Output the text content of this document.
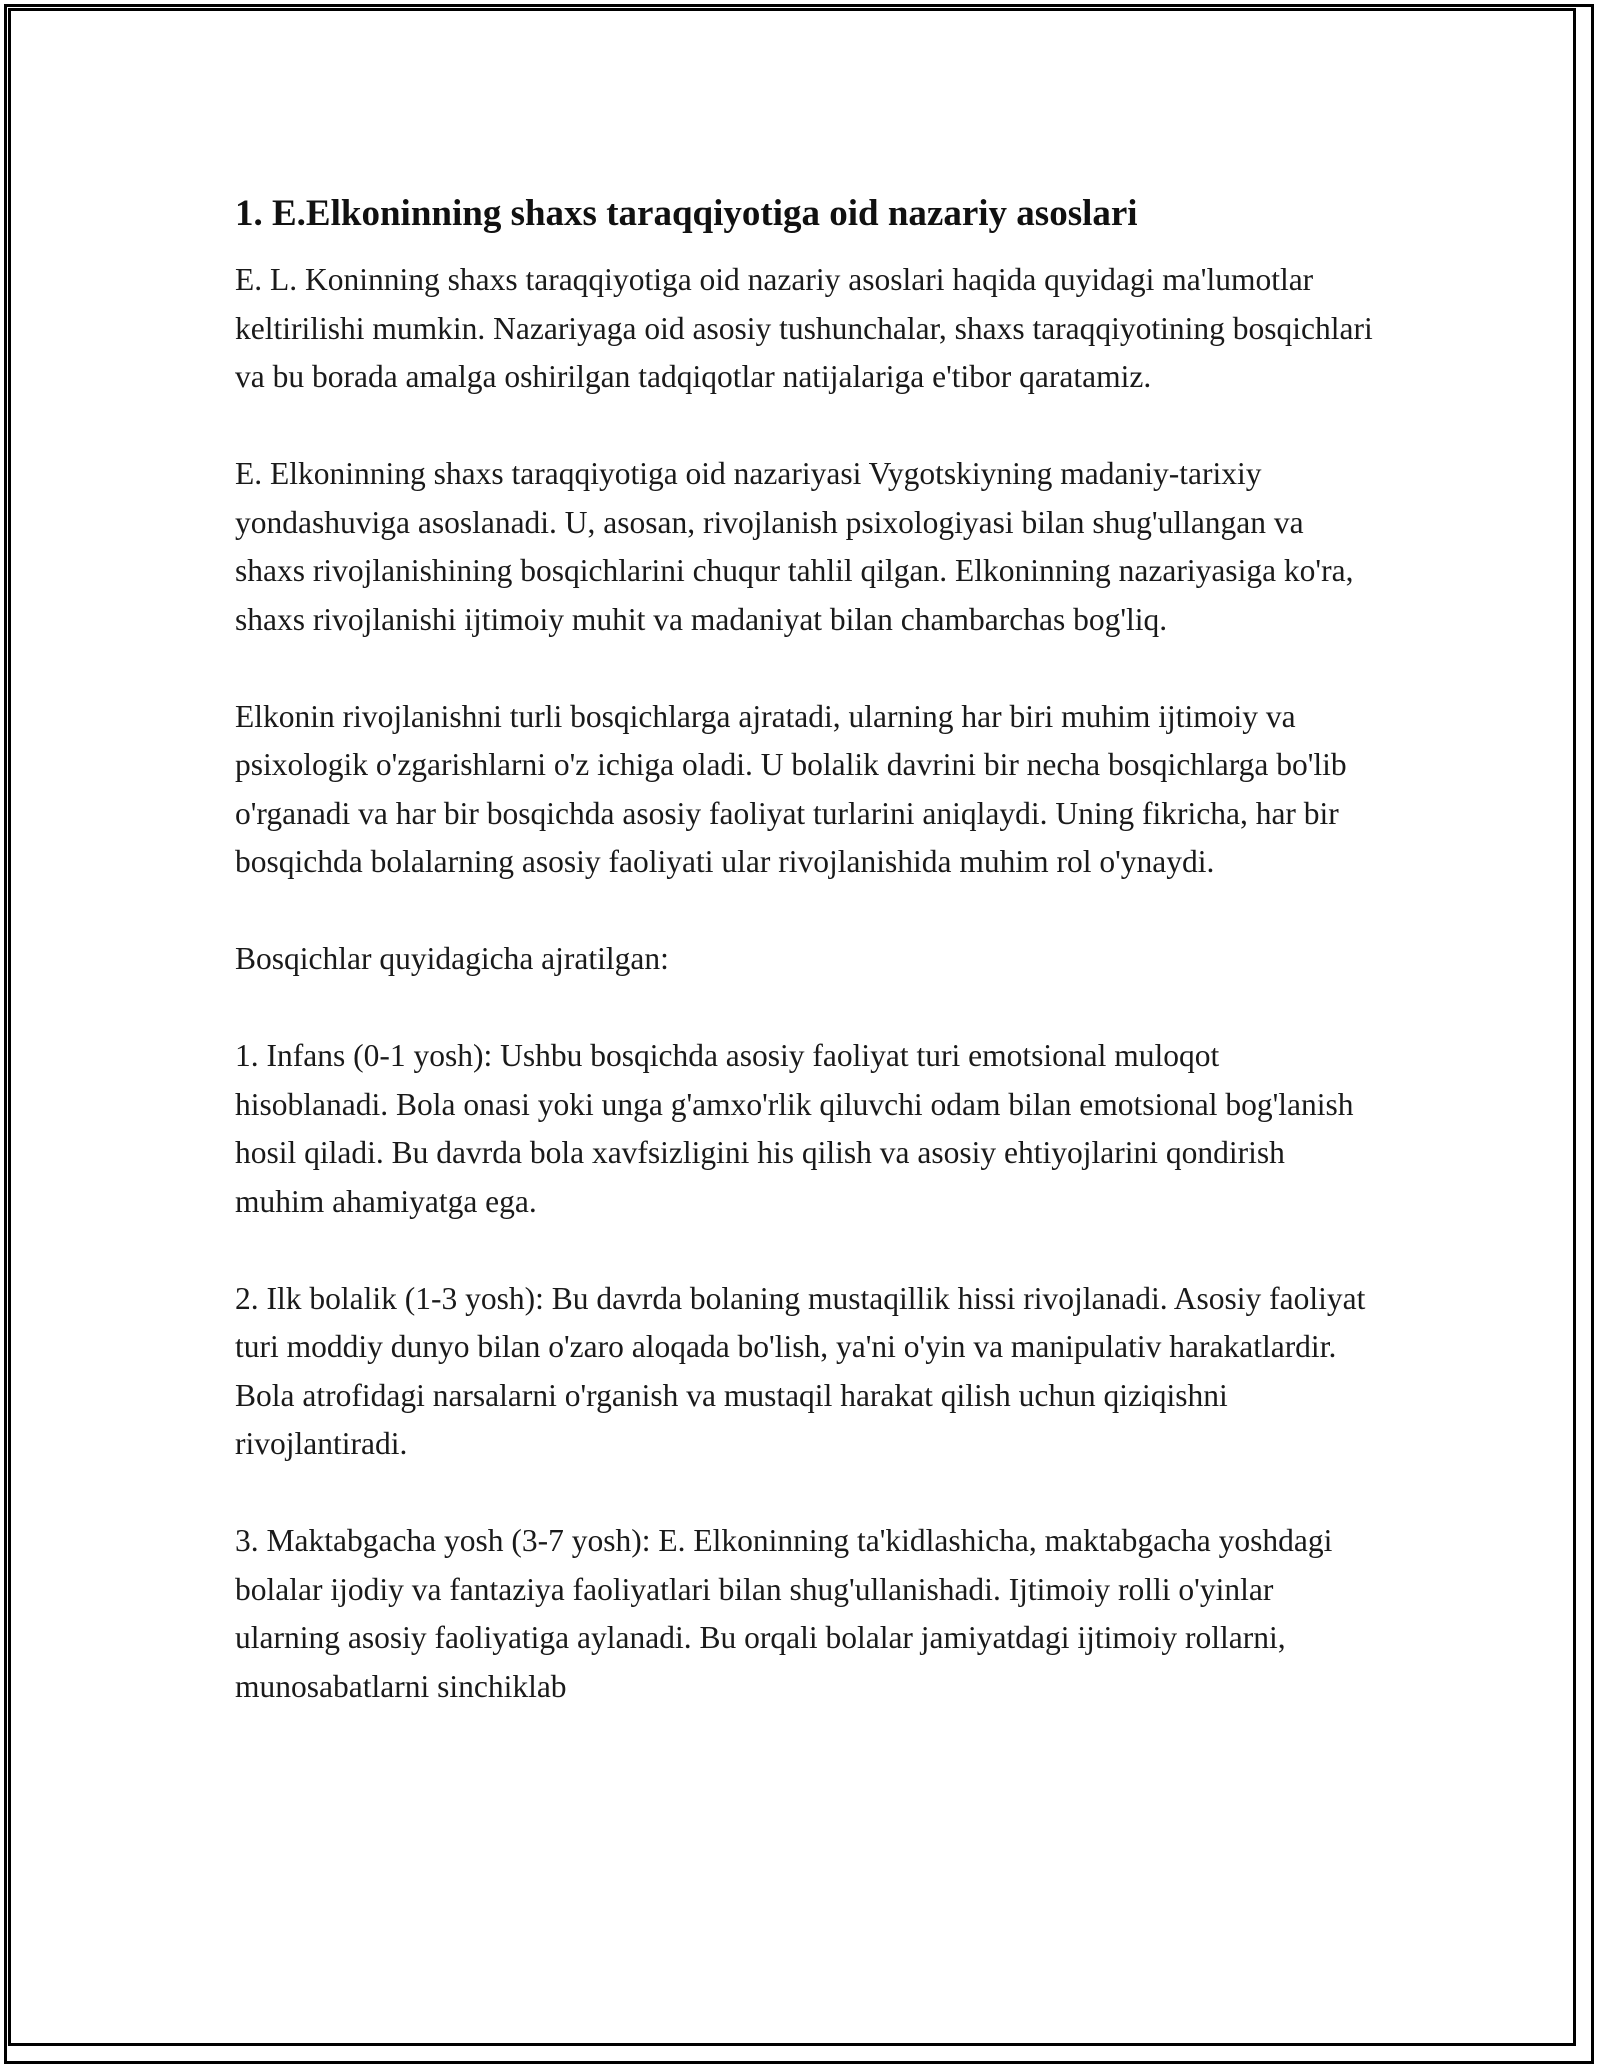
1. E.Elkoninning shaxs taraqqiyotiga oid nazariy asoslari

E. L. Koninning shaxs taraqqiyotiga oid nazariy asoslari haqida quyidagi ma'lumotlar keltirilishi mumkin. Nazariyaga oid asosiy tushunchalar, shaxs taraqqiyotining bosqichlari va bu borada amalga oshirilgan tadqiqotlar natijalariga e'tibor qaratamiz.

E. Elkoninning shaxs taraqqiyotiga oid nazariyasi Vygotskiyning madaniy-tarixiy yondashuviga asoslanadi. U, asosan, rivojlanish psixologiyasi bilan shug'ullangan va shaxs rivojlanishining bosqichlarini chuqur tahlil qilgan. Elkoninning nazariyasiga ko'ra, shaxs rivojlanishi ijtimoiy muhit va madaniyat bilan chambarchas bog'liq.

Elkonin rivojlanishni turli bosqichlarga ajratadi, ularning har biri muhim ijtimoiy va psixologik o'zgarishlarni o'z ichiga oladi. U bolalik davrini bir necha bosqichlarga bo'lib o'rganadi va har bir bosqichda asosiy faoliyat turlarini aniqlaydi. Uning fikricha, har bir bosqichda bolalarning asosiy faoliyati ular rivojlanishida muhim rol o'ynaydi.

Bosqichlar quyidagicha ajratilgan:

1. Infans (0-1 yosh): Ushbu bosqichda asosiy faoliyat turi emotsional muloqot hisoblanadi. Bola onasi yoki unga g'amxo'rlik qiluvchi odam bilan emotsional bog'lanish hosil qiladi. Bu davrda bola xavfsizligini his qilish va asosiy ehtiyojlarini qondirish muhim ahamiyatga ega.

2. Ilk bolalik (1-3 yosh): Bu davrda bolaning mustaqillik hissi rivojlanadi. Asosiy faoliyat turi moddiy dunyo bilan o'zaro aloqada bo'lish, ya'ni o'yin va manipulativ harakatlardir. Bola atrofidagi narsalarni o'rganish va mustaqil harakat qilish uchun qiziqishni rivojlantiradi.

3. Maktabgacha yosh (3-7 yosh): E. Elkoninning ta'kidlashicha, maktabgacha yoshdagi bolalar ijodiy va fantaziya faoliyatlari bilan shug'ullanishadi. Ijtimoiy rolli o'yinlar ularning asosiy faoliyatiga aylanadi. Bu orqali bolalar jamiyatdagi ijtimoiy rollarni, munosabatlarni sinchiklab
